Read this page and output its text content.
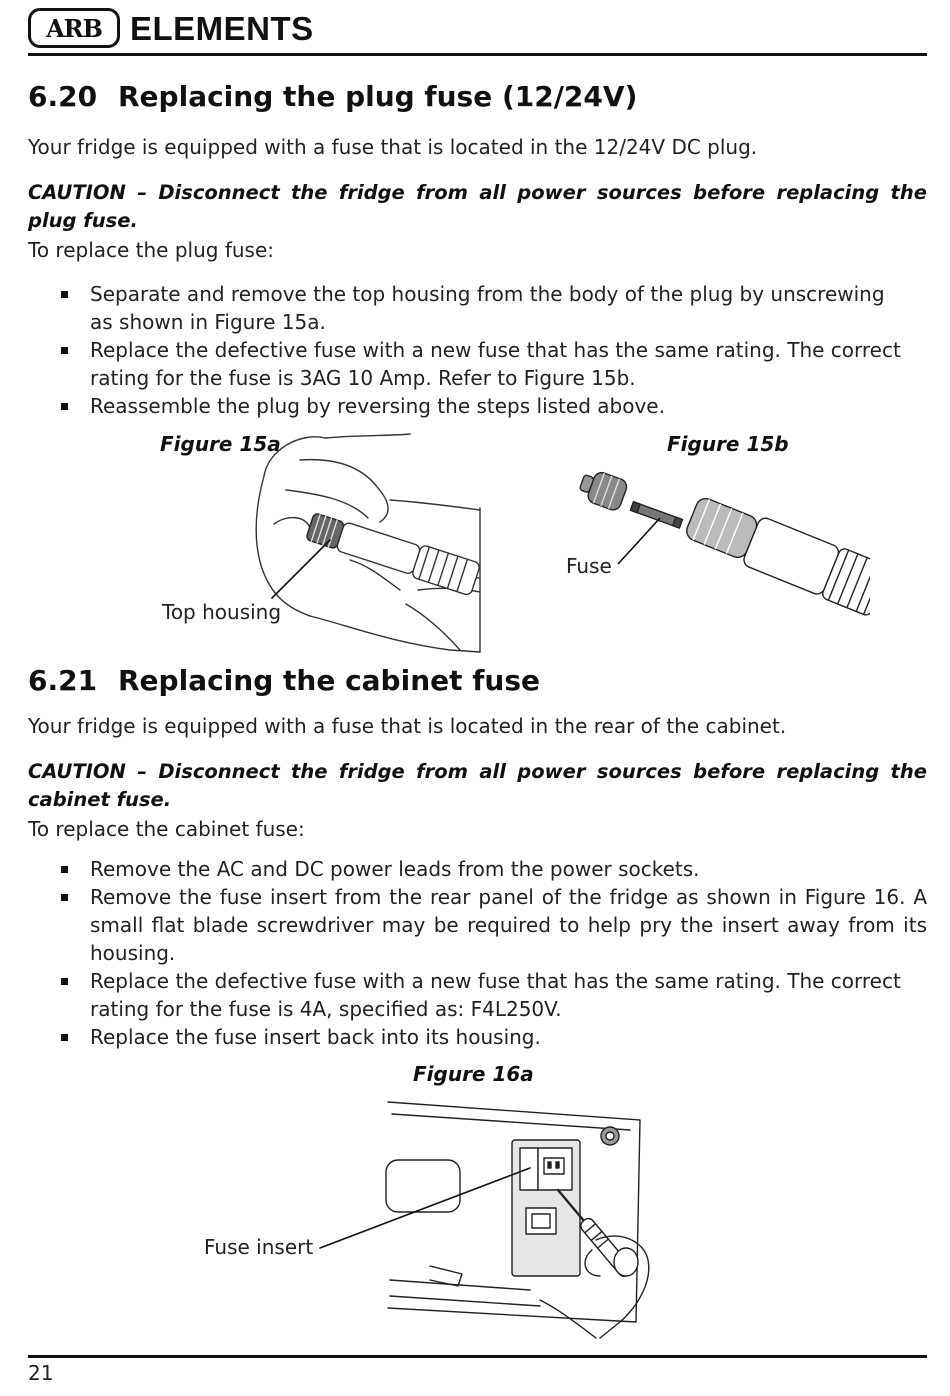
ARB ELEMENTS
6.20 Replacing the plug fuse (12/24V)
Your fridge is equipped with a fuse that is located in the 12/24V DC plug.
CAUTION – Disconnect the fridge from all power sources before replacing the plug fuse.
To replace the plug fuse:
Separate and remove the top housing from the body of the plug by unscrewing as shown in Figure 15a.
Replace the defective fuse with a new fuse that has the same rating. The correct rating for the fuse is 3AG 10 Amp. Refer to Figure 15b.
Reassemble the plug by reversing the steps listed above.
Figure 15a
Top housing
Figure 15b
Fuse
6.21 Replacing the cabinet fuse
Your fridge is equipped with a fuse that is located in the rear of the cabinet.
CAUTION – Disconnect the fridge from all power sources before replacing the cabinet fuse.
To replace the cabinet fuse:
Remove the AC and DC power leads from the power sockets.
Remove the fuse insert from the rear panel of the fridge as shown in Figure 16. A small flat blade screwdriver may be required to help pry the insert away from its housing.
Replace the defective fuse with a new fuse that has the same rating. The correct rating for the fuse is 4A, specified as: F4L250V.
Replace the fuse insert back into its housing.
Figure 16a
Fuse insert
21
